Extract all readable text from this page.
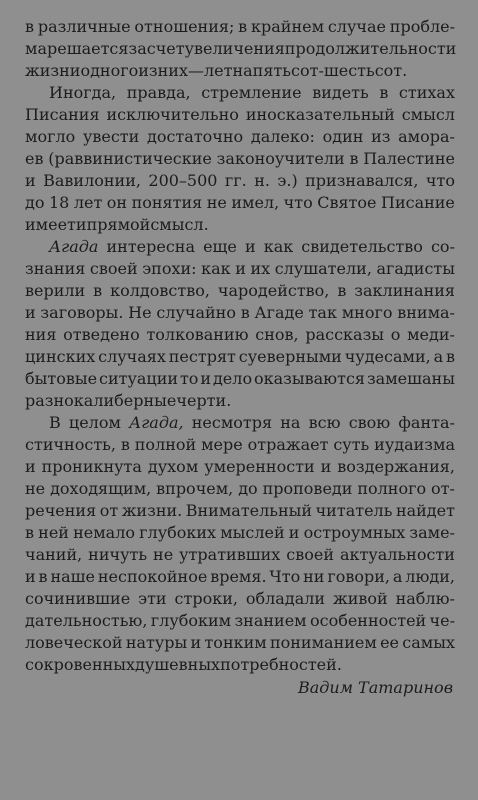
в различные отношения; в крайнем случае пробле-
ма решается за счет увеличения продолжительности
жизни одного из них — лет на пятьсот-шестьсот.
Иногда, правда, стремление видеть в стихах
Писания исключительно иносказательный смысл
могло увести достаточно далеко: один из амора-
ев (раввинистические законоучители в Палестине
и Вавилонии, 200–500 гг. н. э.) признавался, что
до 18 лет он понятия не имел, что Святое Писание
имеет и прямой смысл.
Агада интересна еще и как свидетельство со-
знания своей эпохи: как и их слушатели, агадисты
верили в колдовство, чародейство, в заклинания
и заговоры. Не случайно в Агаде так много внима-
ния отведено толкованию снов, рассказы о меди-
цинских случаях пестрят суеверными чудесами, а в
бытовые ситуации то и дело оказываются замешаны
разнокалиберные черти.
В целом Агада, несмотря на всю свою фанта-
стичность, в полной мере отражает суть иудаизма
и проникнута духом умеренности и воздержания,
не доходящим, впрочем, до проповеди полного от-
речения от жизни. Внимательный читатель найдет
в ней немало глубоких мыслей и остроумных заме-
чаний, ничуть не утративших своей актуальности
и в наше неспокойное время. Что ни говори, а люди,
сочинившие эти строки, обладали живой наблю-
дательностью, глубоким знанием особенностей че-
ловеческой натуры и тонким пониманием ее самых
сокровенных душевных потребностей.
Вадим Татаринов
